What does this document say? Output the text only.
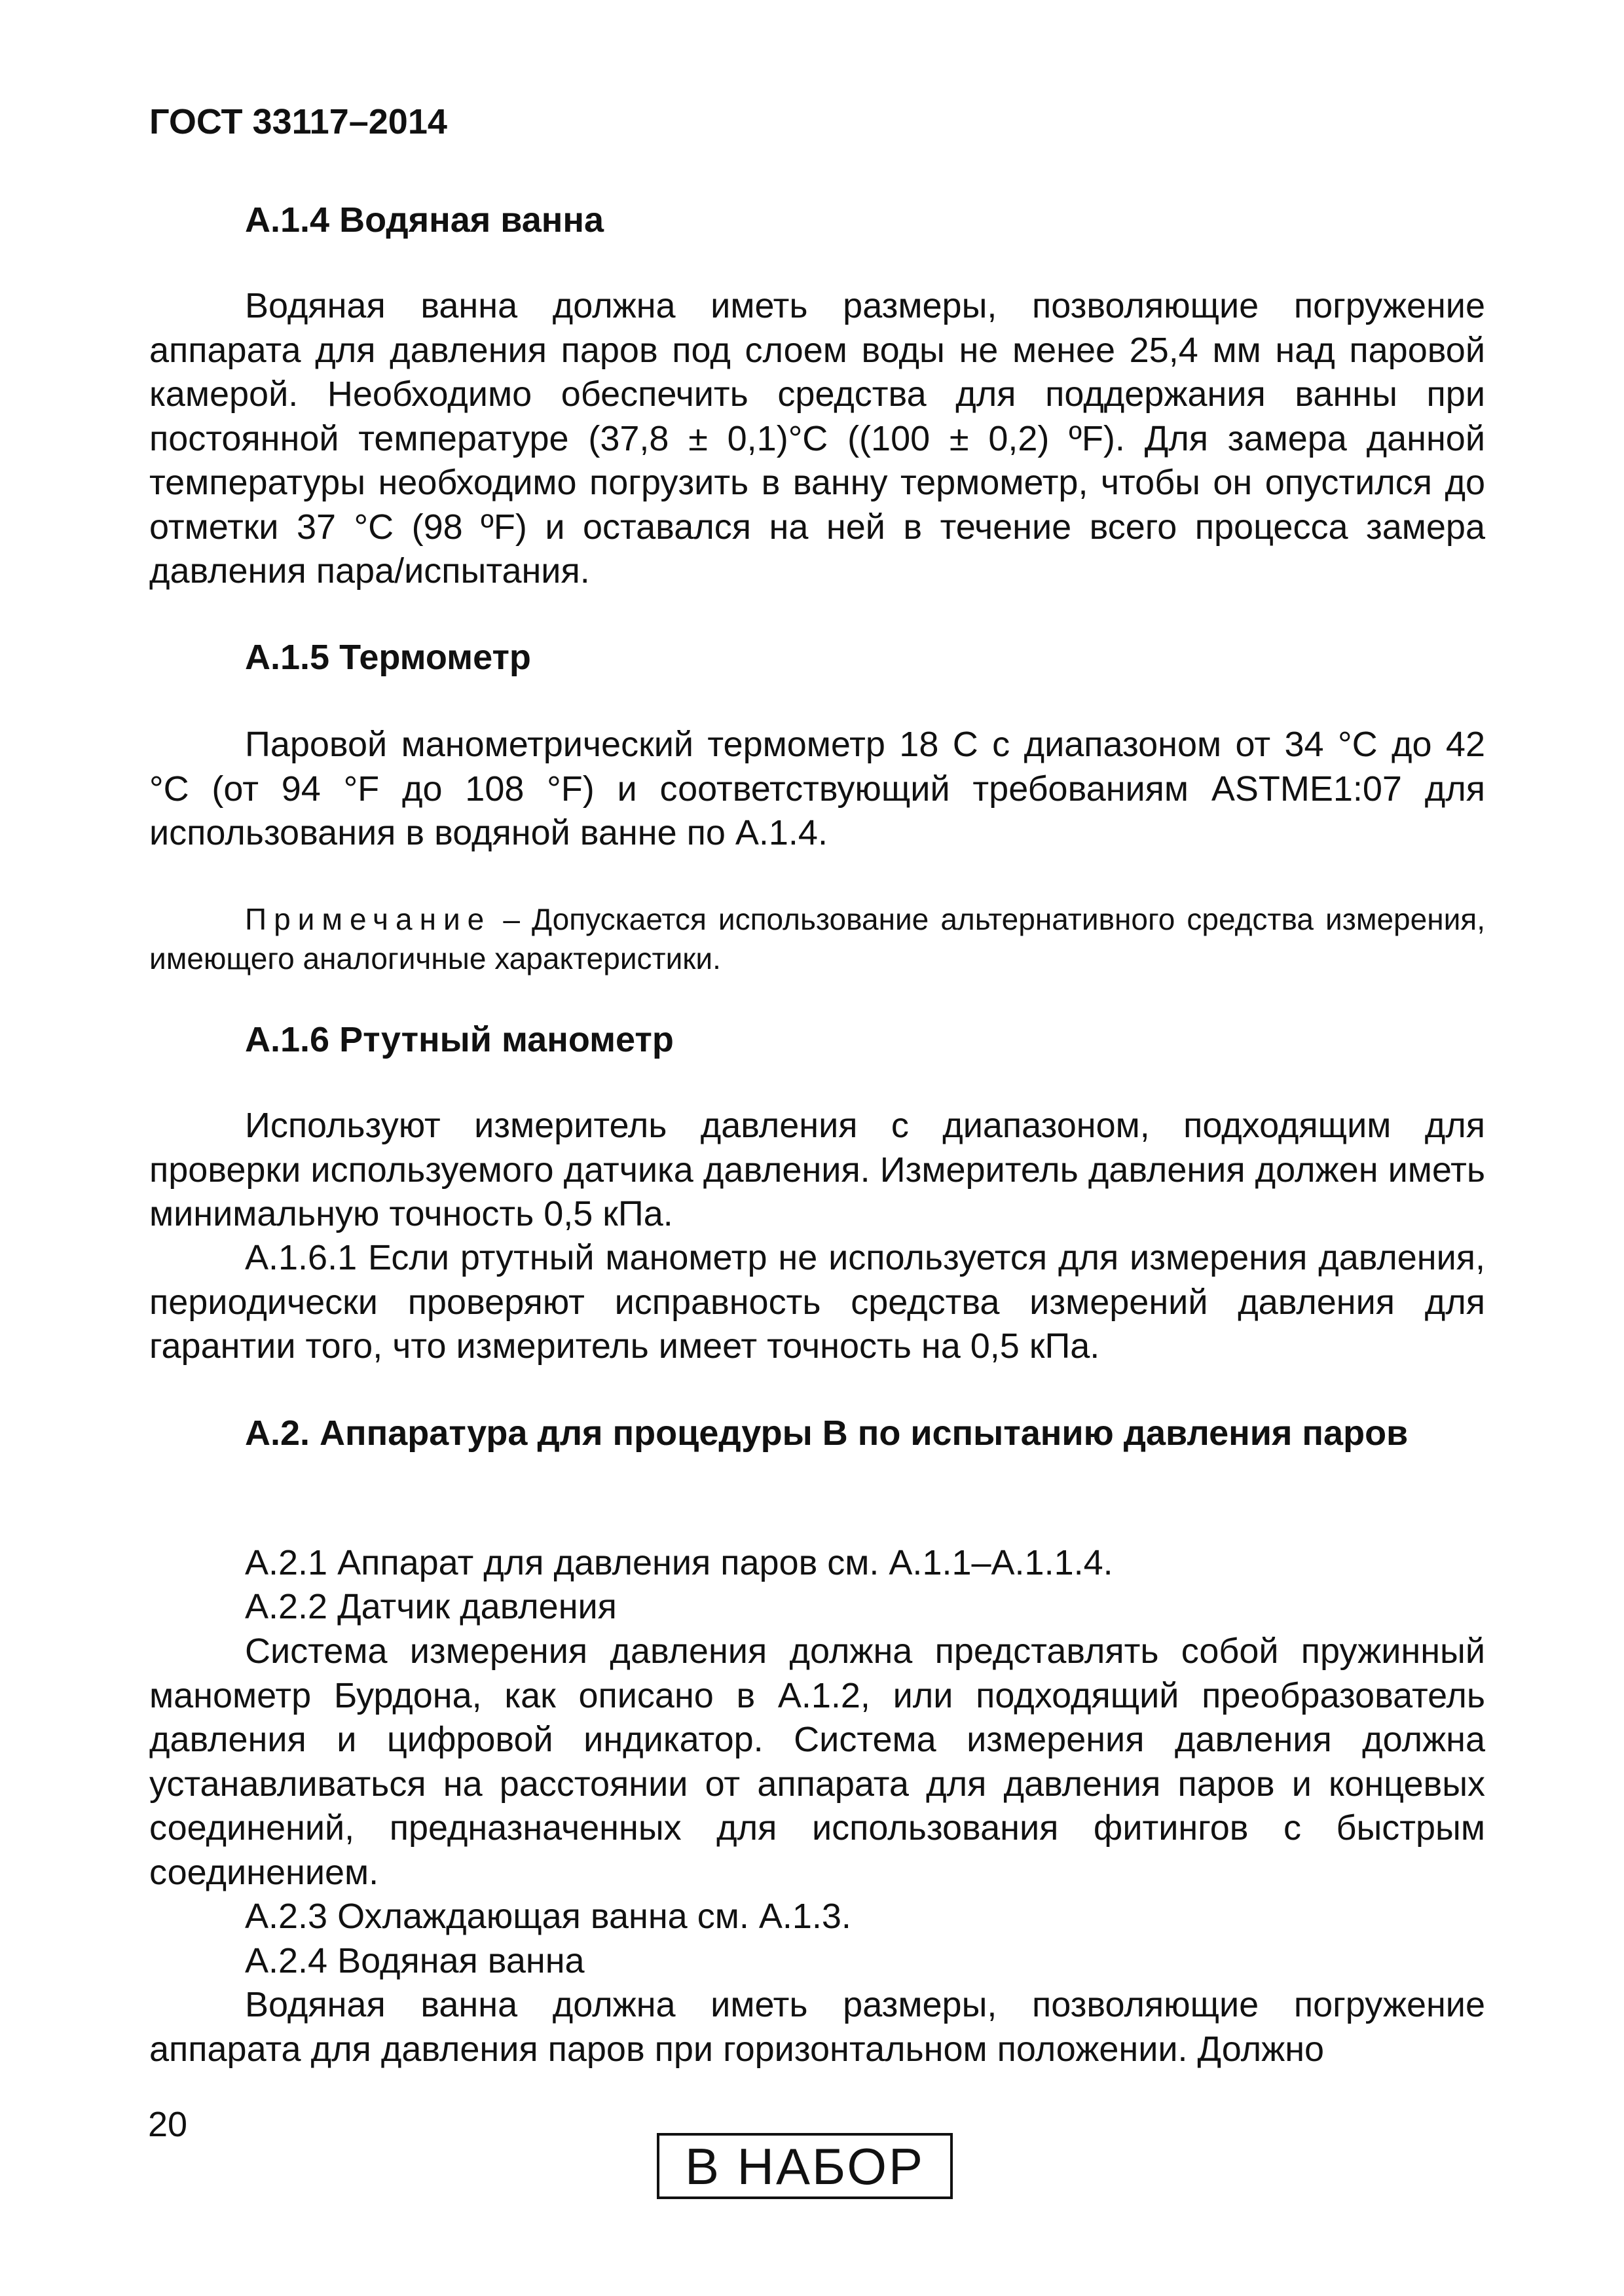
ГОСТ 33117–2014
А.1.4 Водяная ванна
Водяная ванна должна иметь размеры, позволяющие погружение аппарата для давления паров под слоем воды не менее 25,4 мм над паровой камерой. Необходимо обеспечить средства для поддержания ванны при постоянной температуре (37,8 ± 0,1)°С ((100 ± 0,2) ºF). Для замера данной температуры необходимо погрузить в ванну термометр, чтобы он опустился до отметки 37 °С (98 ºF) и оставался на ней в течение всего процесса замера давления пара/испытания.
А.1.5 Термометр
Паровой манометрический термометр 18 С с диапазоном от 34 °С до 42 °С (от 94 °F до 108 °F) и соответствующий требованиям ASTME1:07 для использования в водяной ванне по А.1.4.
Примечание – Допускается использование альтернативного средства измерения, имеющего аналогичные характеристики.
А.1.6 Ртутный манометр
Используют измеритель давления с диапазоном, подходящим для проверки используемого датчика давления. Измеритель давления должен иметь минимальную точность 0,5 кПа.
А.1.6.1 Если ртутный манометр не используется для измерения давления, периодически проверяют исправность средства измерений давления для гарантии того, что измеритель имеет точность на 0,5 кПа.
А.2. Аппаратура для процедуры В по испытанию давления паров
А.2.1 Аппарат для давления паров см. А.1.1–А.1.1.4.
А.2.2 Датчик давления
Система измерения давления должна представлять собой пружинный манометр Бурдона, как описано в А.1.2, или подходящий преобразователь давления и цифровой индикатор. Система измерения давления должна устанавливаться на расстоянии от аппарата для давления паров и концевых соединений, предназначенных для использования фитингов с быстрым соединением.
А.2.3 Охлаждающая ванна см. А.1.3.
А.2.4 Водяная ванна
Водяная ванна должна иметь размеры, позволяющие погружение аппарата для давления паров при горизонтальном положении. Должно
20
В НАБОР
